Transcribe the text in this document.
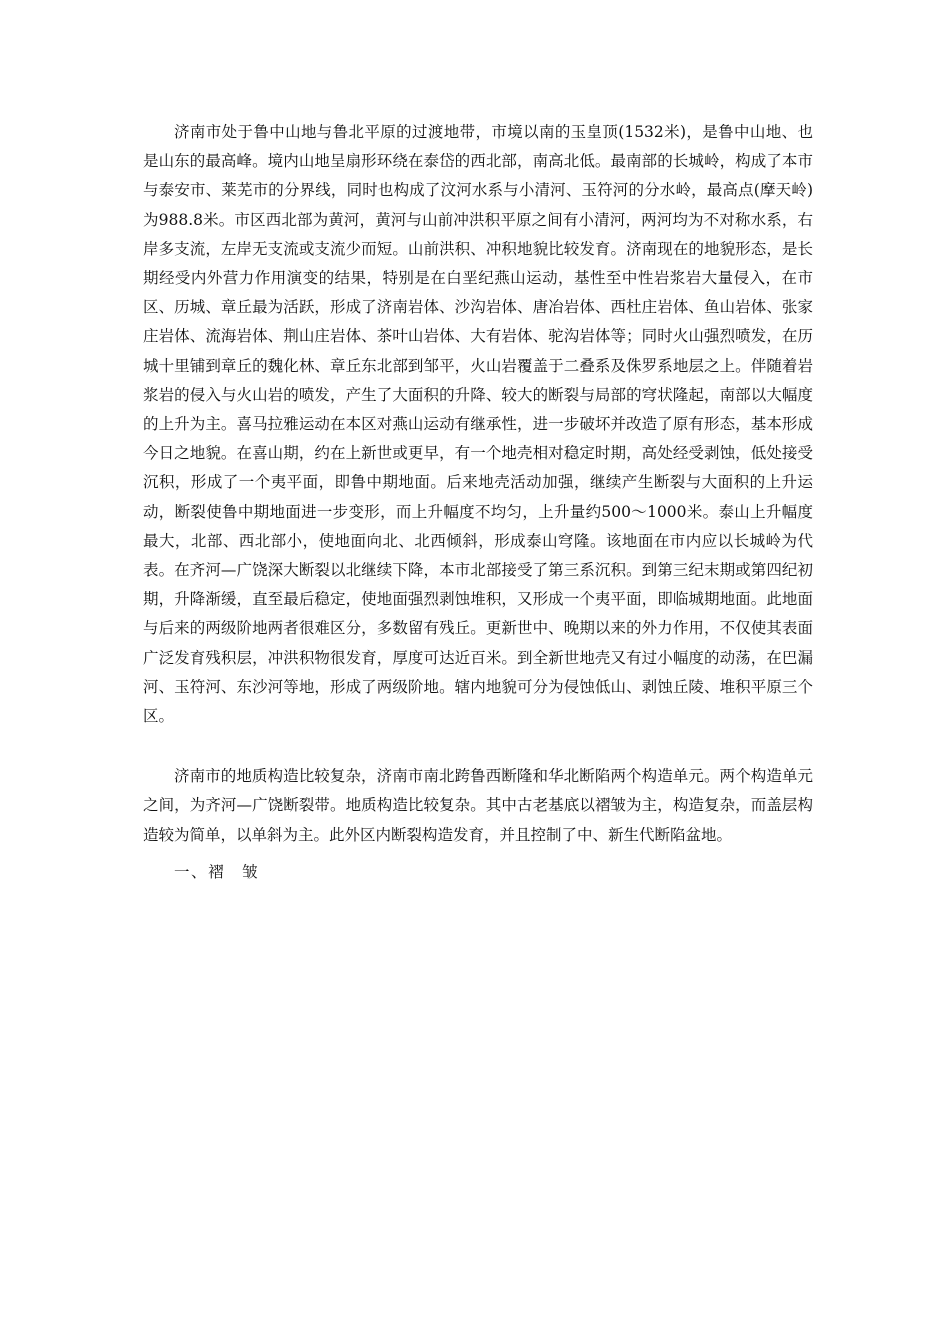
济南市处于鲁中山地与鲁北平原的过渡地带，市境以南的玉皇顶(1532米)，是鲁中山地、也是山东的最高峰。境内山地呈扇形环绕在泰岱的西北部，南高北低。最南部的长城岭，构成了本市与泰安市、莱芜市的分界线，同时也构成了汶河水系与小清河、玉符河的分水岭，最高点(摩天岭)为988.8米。市区西北部为黄河，黄河与山前冲洪积平原之间有小清河，两河均为不对称水系，右岸多支流，左岸无支流或支流少而短。山前洪积、冲积地貌比较发育。济南现在的地貌形态，是长期经受内外营力作用演变的结果，特别是在白垩纪燕山运动，基性至中性岩浆岩大量侵入，在市区、历城、章丘最为活跃，形成了济南岩体、沙沟岩体、唐冶岩体、西杜庄岩体、鱼山岩体、张家庄岩体、流海岩体、荆山庄岩体、茶叶山岩体、大有岩体、驼沟岩体等；同时火山强烈喷发，在历城十里铺到章丘的魏化林、章丘东北部到邹平，火山岩覆盖于二叠系及侏罗系地层之上。伴随着岩浆岩的侵入与火山岩的喷发，产生了大面积的升降、较大的断裂与局部的穹状隆起，南部以大幅度的上升为主。喜马拉雅运动在本区对燕山运动有继承性，进一步破坏并改造了原有形态，基本形成今日之地貌。在喜山期，约在上新世或更早，有一个地壳相对稳定时期，高处经受剥蚀，低处接受沉积，形成了一个夷平面，即鲁中期地面。后来地壳活动加强，继续产生断裂与大面积的上升运动，断裂使鲁中期地面进一步变形，而上升幅度不均匀，上升量约500～1000米。泰山上升幅度最大，北部、西北部小，使地面向北、北西倾斜，形成泰山穹隆。该地面在市内应以长城岭为代表。在齐河—广饶深大断裂以北继续下降，本市北部接受了第三系沉积。到第三纪末期或第四纪初期，升降渐缓，直至最后稳定，使地面强烈剥蚀堆积，又形成一个夷平面，即临城期地面。此地面与后来的两级阶地两者很难区分，多数留有残丘。更新世中、晚期以来的外力作用，不仅使其表面广泛发育残积层，冲洪积物很发育，厚度可达近百米。到全新世地壳又有过小幅度的动荡，在巴漏河、玉符河、东沙河等地，形成了两级阶地。辖内地貌可分为侵蚀低山、剥蚀丘陵、堆积平原三个区。

济南市的地质构造比较复杂，济南市南北跨鲁西断隆和华北断陷两个构造单元。两个构造单元之间，为齐河—广饶断裂带。地质构造比较复杂。其中古老基底以褶皱为主，构造复杂，而盖层构造较为简单，以单斜为主。此外区内断裂构造发育，并且控制了中、新生代断陷盆地。

一、褶　皱
